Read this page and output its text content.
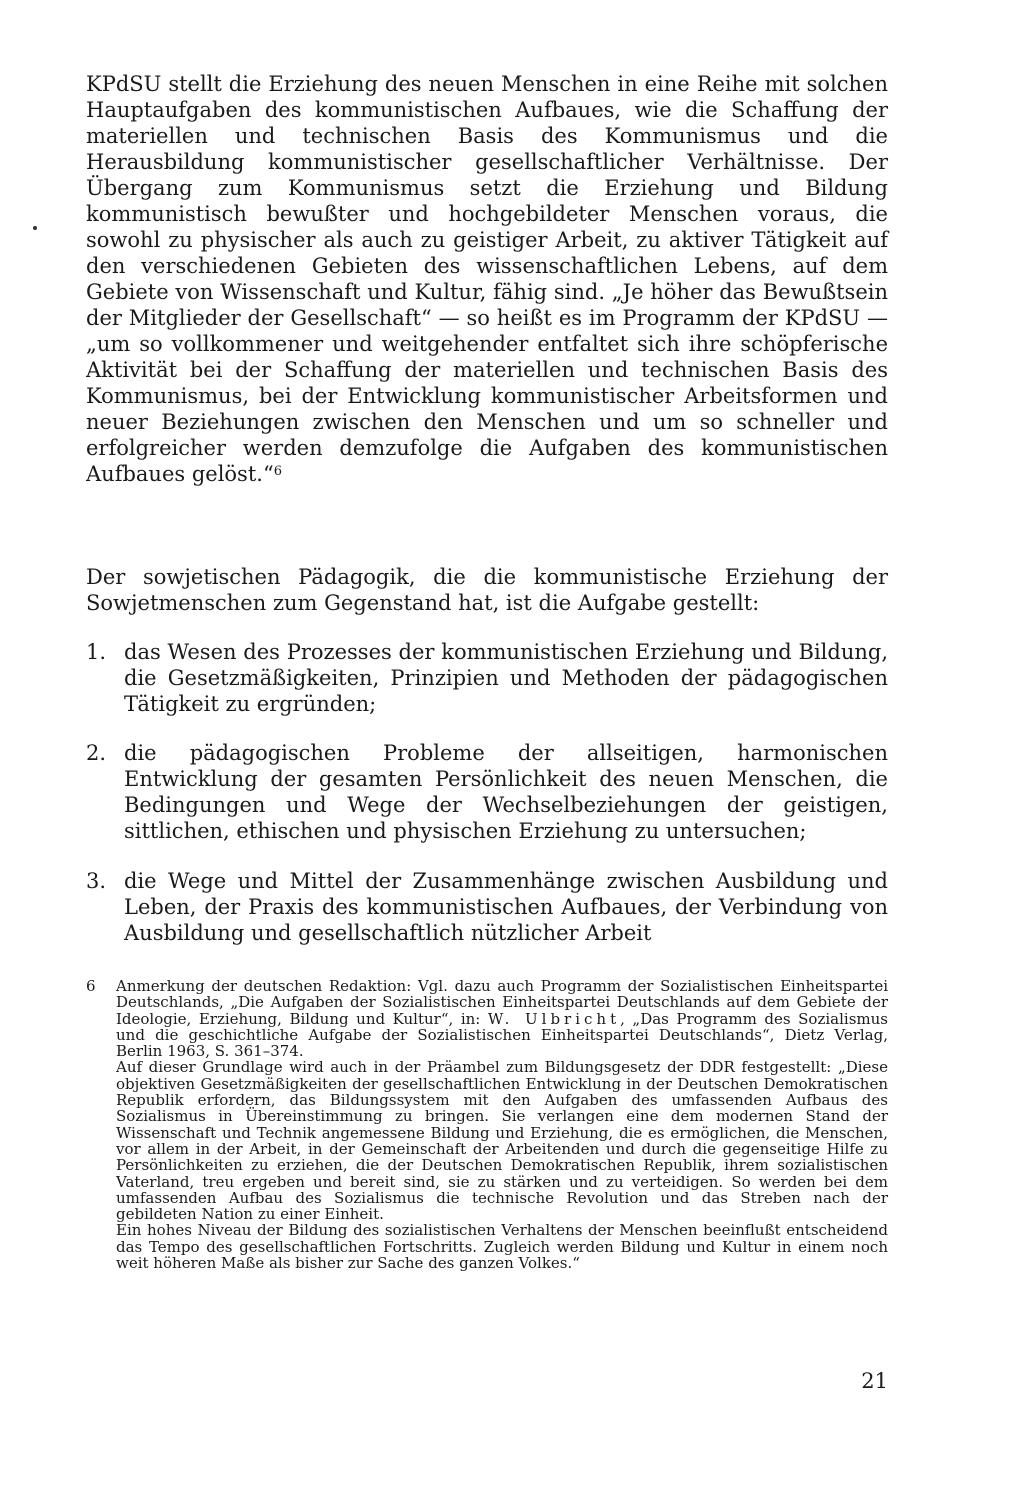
KPdSU stellt die Erziehung des neuen Menschen in eine Reihe mit solchen Hauptaufgaben des kommunistischen Aufbaues, wie die Schaffung der materiellen und technischen Basis des Kommunismus und die Herausbildung kommunistischer gesellschaftlicher Verhältnisse. Der Übergang zum Kommunismus setzt die Erziehung und Bildung kommunistisch bewußter und hochgebildeter Menschen voraus, die sowohl zu physischer als auch zu geistiger Arbeit, zu aktiver Tätigkeit auf den verschiedenen Gebieten des wissenschaftlichen Lebens, auf dem Gebiete von Wissenschaft und Kultur, fähig sind. „Je höher das Bewußtsein der Mitglieder der Gesellschaft“ — so heißt es im Programm der KPdSU — „um so vollkommener und weitgehender entfaltet sich ihre schöpferische Aktivität bei der Schaffung der materiellen und technischen Basis des Kommunismus, bei der Entwicklung kommunistischer Arbeitsformen und neuer Beziehungen zwischen den Menschen und um so schneller und erfolgreicher werden demzufolge die Aufgaben des kommunistischen Aufbaues gelöst.“$^6$

Der sowjetischen Pädagogik, die die kommunistische Erziehung der Sowjetmenschen zum Gegenstand hat, ist die Aufgabe gestellt:

1. das Wesen des Prozesses der kommunistischen Erziehung und Bildung, die Gesetzmäßigkeiten, Prinzipien und Methoden der pädagogischen Tätigkeit zu ergründen;

2. die pädagogischen Probleme der allseitigen, harmonischen Entwicklung der gesamten Persönlichkeit des neuen Menschen, die Bedingungen und Wege der Wechselbeziehungen der geistigen, sittlichen, ethischen und physischen Erziehung zu untersuchen;

3. die Wege und Mittel der Zusammenhänge zwischen Ausbildung und Leben, der Praxis des kommunistischen Aufbaues, der Verbindung von Ausbildung und gesellschaftlich nützlicher Arbeit

6 Anmerkung der deutschen Redaktion: Vgl. dazu auch Programm der Sozialistischen Einheitspartei Deutschlands, „Die Aufgaben der Sozialistischen Einheitspartei Deutschlands auf dem Gebiete der Ideologie, Erziehung, Bildung und Kultur“, in: W. Ulbricht, „Das Programm des Sozialismus und die geschichtliche Aufgabe der Sozialistischen Einheitspartei Deutschlands“, Dietz Verlag, Berlin 1963, S. 361–374.

Auf dieser Grundlage wird auch in der Präambel zum Bildungsgesetz der DDR festgestellt: „Diese objektiven Gesetzmäßigkeiten der gesellschaftlichen Entwicklung in der Deutschen Demokratischen Republik erfordern, das Bildungssystem mit den Aufgaben des umfassenden Aufbaus des Sozialismus in Übereinstimmung zu bringen. Sie verlangen eine dem modernen Stand der Wissenschaft und Technik angemessene Bildung und Erziehung, die es ermöglichen, die Menschen, vor allem in der Arbeit, in der Gemeinschaft der Arbeitenden und durch die gegenseitige Hilfe zu Persönlichkeiten zu erziehen, die der Deutschen Demokratischen Republik, ihrem sozialistischen Vaterland, treu ergeben und bereit sind, sie zu stärken und zu verteidigen. So werden bei dem umfassenden Aufbau des Sozialismus die technische Revolution und das Streben nach der gebildeten Nation zu einer Einheit.

Ein hohes Niveau der Bildung des sozialistischen Verhaltens der Menschen beeinflußt entscheidend das Tempo des gesellschaftlichen Fortschritts. Zugleich werden Bildung und Kultur in einem noch weit höheren Maße als bisher zur Sache des ganzen Volkes.“

21
